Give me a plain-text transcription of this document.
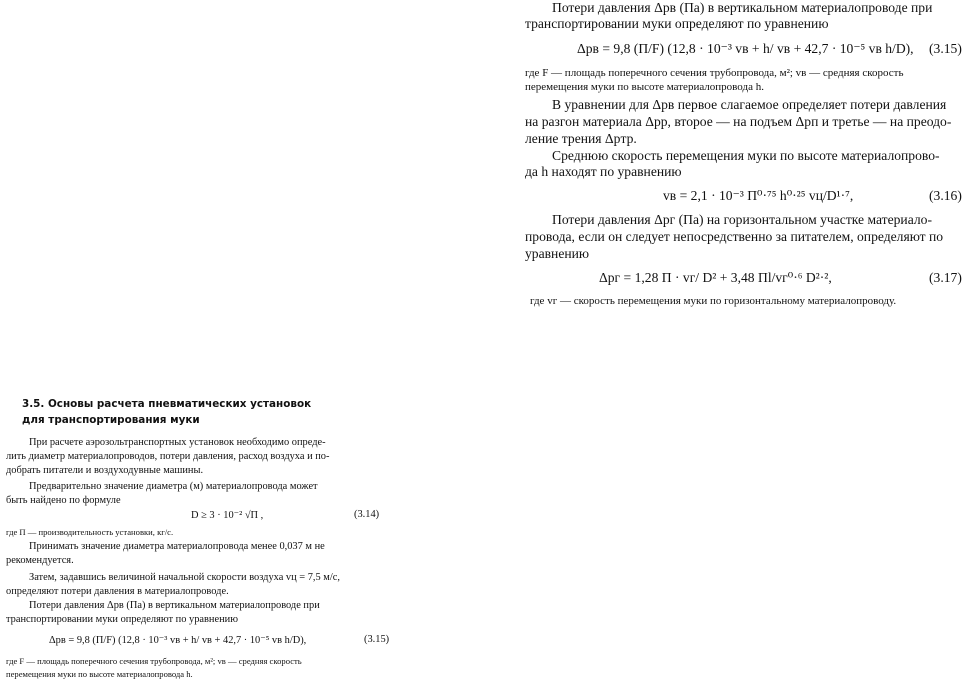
Потери давления Δpв (Па) в вертикальном материалопроводе при
транспортировании муки определяют по уравнению
Δpв = 9,8 (П/F) (12,8 · 10⁻³ vв + h/ vв + 42,7 · 10⁻⁵ vв h/D), (3.15)
где F — площадь поперечного сечения трубопровода, м²; vв — средняя скорость
перемещения муки по высоте материалопровода h.
В уравнении для Δpв первое слагаемое определяет потери давления
на разгон материала Δpр, второе — на подъем Δpп и третье — на преодо-
ление трения Δpтр.
Среднюю скорость перемещения муки по высоте материалопрово-
да h находят по уравнению
vв = 2,1 · 10⁻³ П⁰·⁷⁵ h⁰·²⁵ vц/D¹·⁷,	(3.16)
Потери давления Δpг (Па) на горизонтальном участке материало-
провода, если он следует непосредственно за питателем, определяют по
уравнению
Δpг = 1,28 П · vг/ D² + 3,48 Пl/vг⁰·⁶ D²·²,	(3.17)
где vг — скорость перемещения муки по горизонтальному материалопроводу.
3.5. Основы расчета пневматических установок
для транспортирования муки
При расчете аэрозольтранспортных установок необходимо опреде-
лить диаметр материалопроводов, потери давления, расход воздуха и по-
добрать питатели и воздуходувные машины.
Предварительно значение диаметра (м) материалопровода может
быть найдено по формуле
D ≥ 3 · 10⁻² √П ,	(3.14)
где П — производительность установки, кг/с.
Принимать значение диаметра материалопровода менее 0,037 м не
рекомендуется.
Затем, задавшись величиной начальной скорости воздуха vц = 7,5 м/с,
определяют потери давления в материалопроводе.
Потери давления Δpв (Па) в вертикальном материалопроводе при
транспортировании муки определяют по уравнению
Δpв = 9,8 (П/F) (12,8 · 10⁻³ vв + h/ vв + 42,7 · 10⁻⁵ vв h/D),	(3.15)
где F — площадь поперечного сечения трубопровода, м²; vв — средняя скорость
перемещения муки по высоте материалопровода h.
